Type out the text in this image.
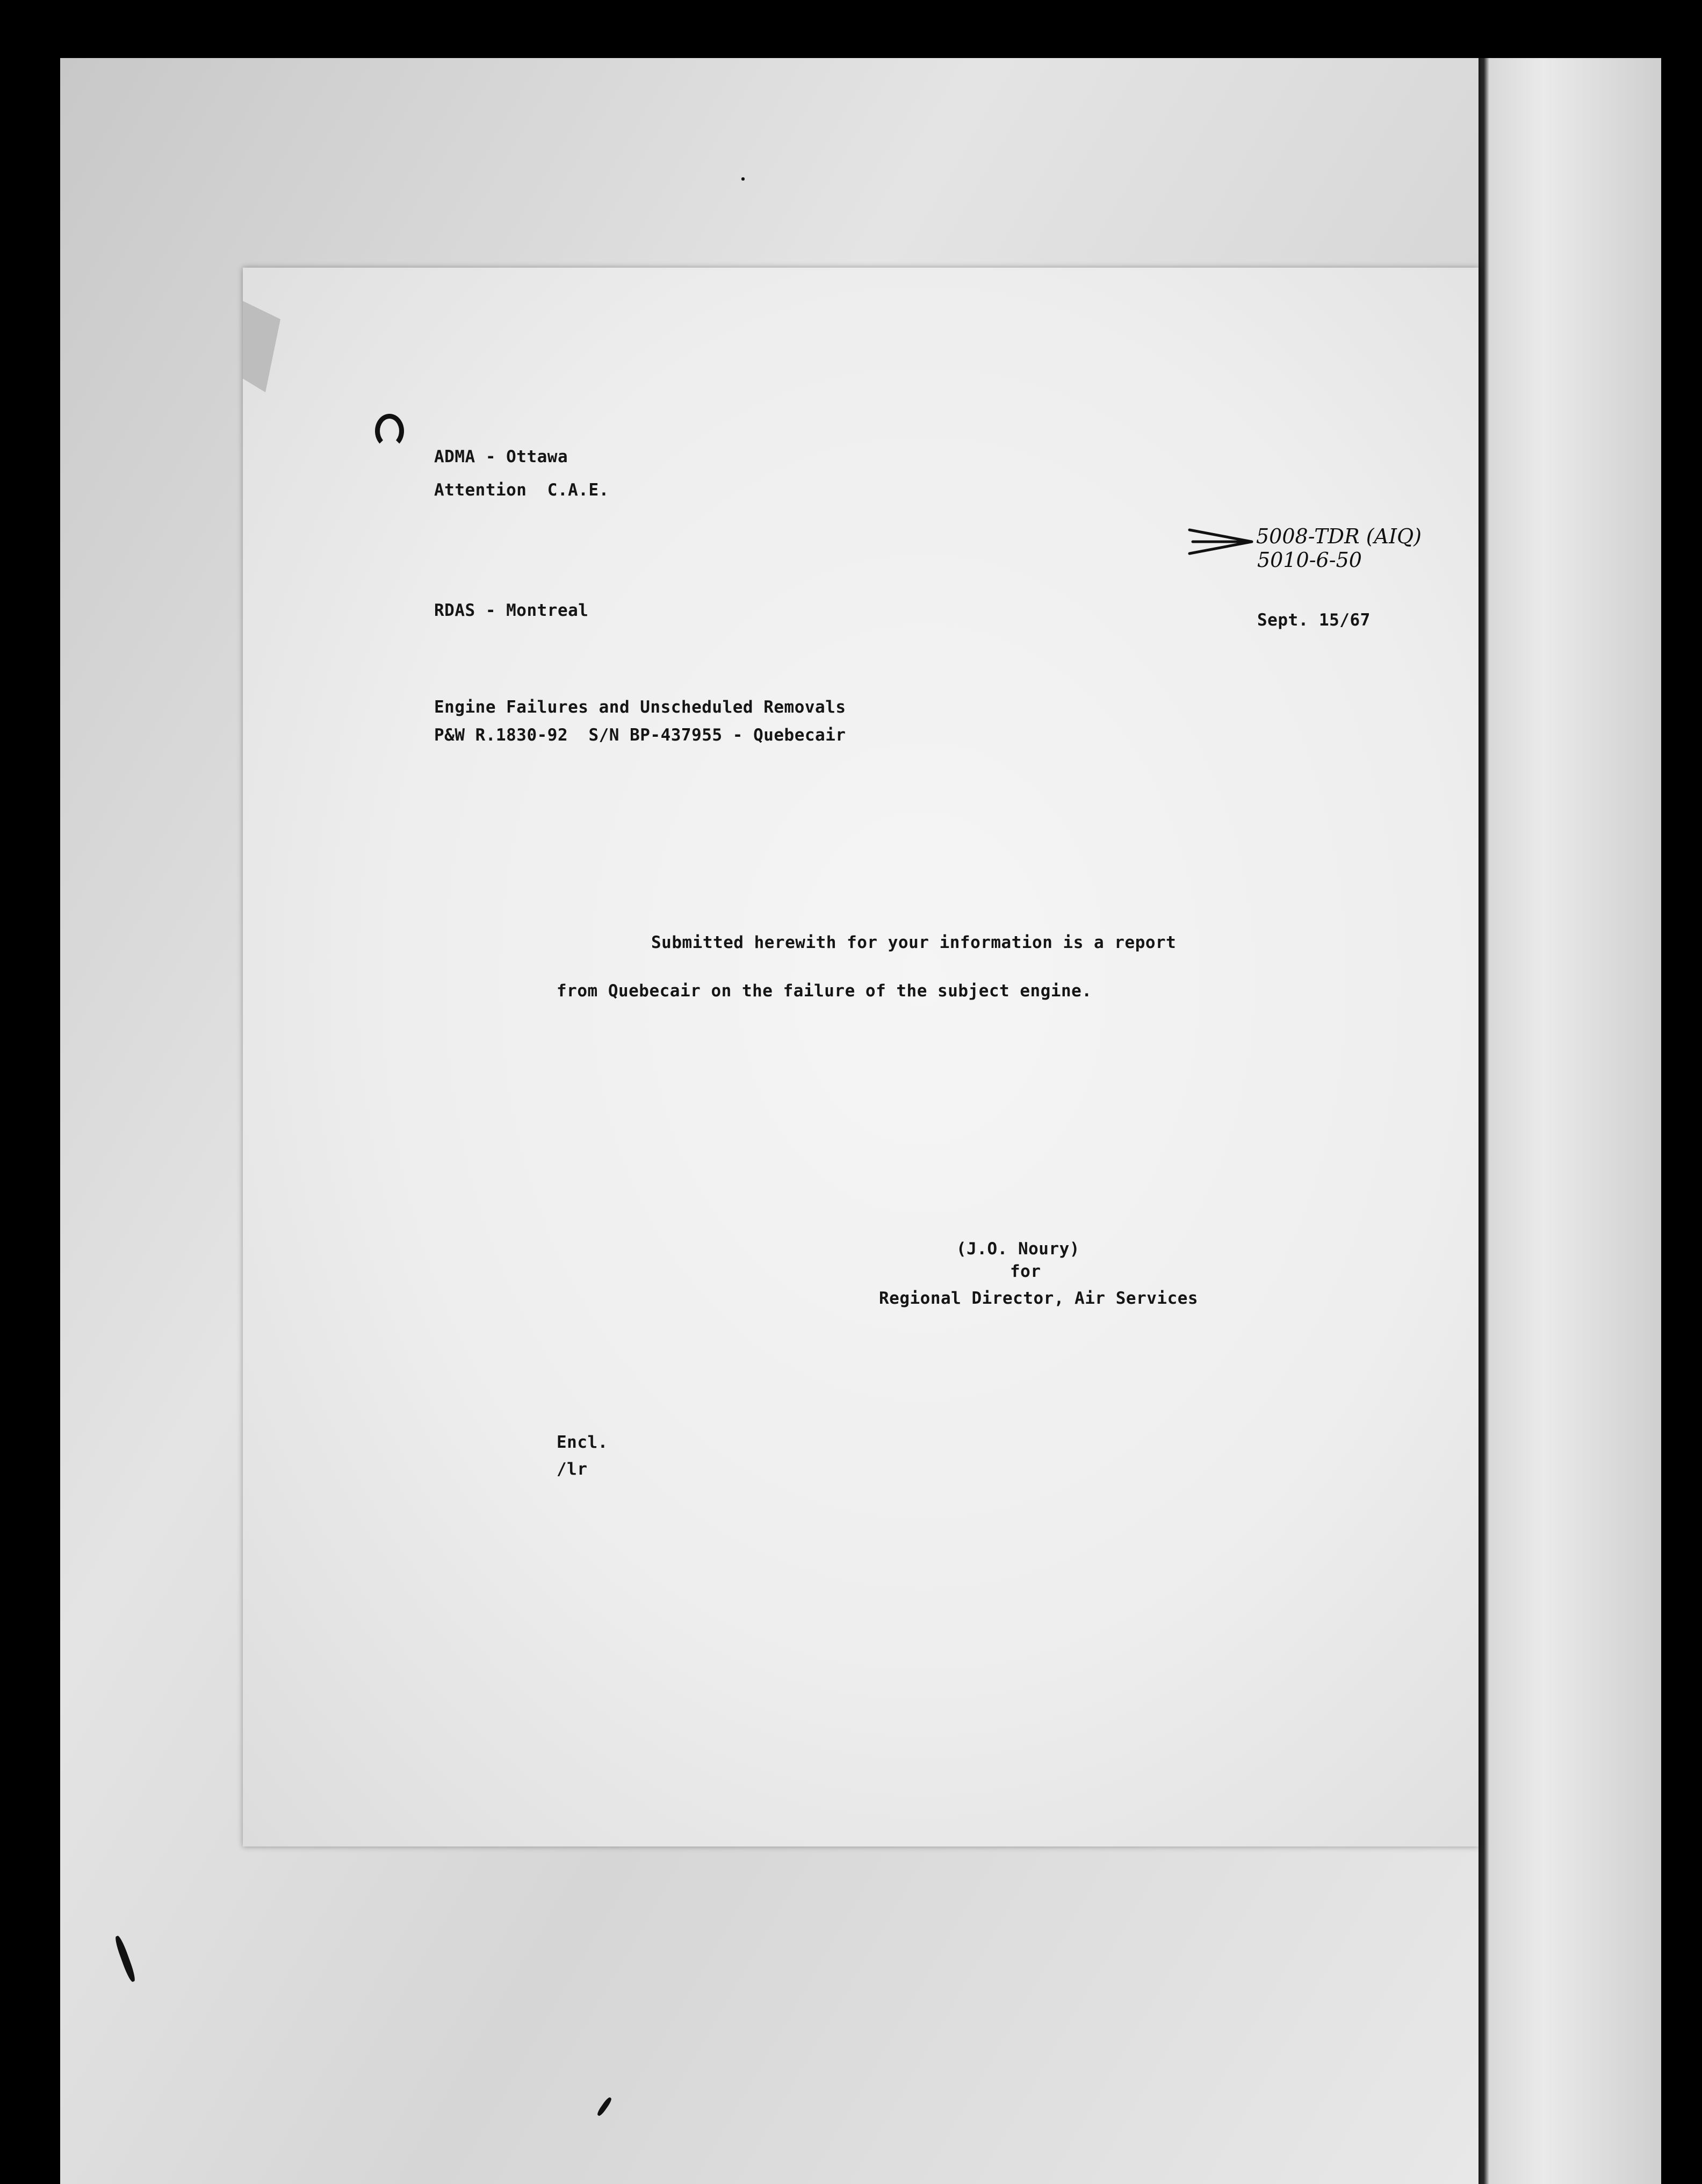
ADMA - Ottawa

Attention  C.A.E.

5008-TDR (AIQ)

5010-6-50

RDAS - Montreal	Sept. 15/67

Engine Failures and Unscheduled Removals

P&W R.1830-92  S/N BP-437955 - Quebecair

Submitted herewith for your information is a report

from Quebecair on the failure of the subject engine.

(J.O. Noury)

for

Regional Director, Air Services

Encl.

/lr
